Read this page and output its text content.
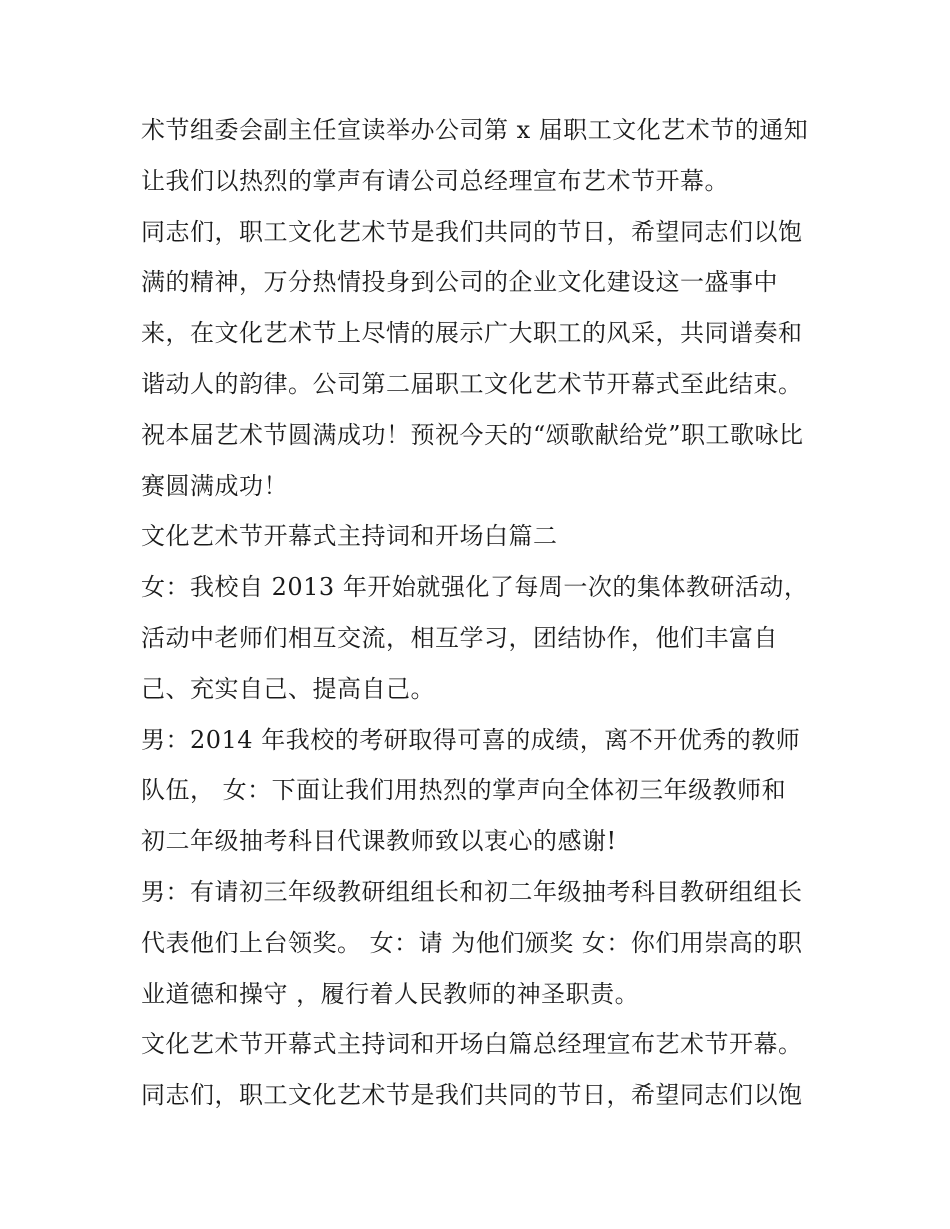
术节组委会副主任宣读举办公司第 x 届职工文化艺术节的通知
让我们以热烈的掌声有请公司总经理宣布艺术节开幕。
同志们，职工文化艺术节是我们共同的节日，希望同志们以饱
满的精神，万分热情投身到公司的企业文化建设这一盛事中
来，在文化艺术节上尽情的展示广大职工的风采，共同谱奏和
谐动人的韵律。公司第二届职工文化艺术节开幕式至此结束。
祝本届艺术节圆满成功！预祝今天的“颂歌献给党”职工歌咏比
赛圆满成功！
文化艺术节开幕式主持词和开场白篇二
女：我校自 2013 年开始就强化了每周一次的集体教研活动，
活动中老师们相互交流，相互学习，团结协作，他们丰富自
己、充实自己、提高自己。
男：2014 年我校的考研取得可喜的成绩，离不开优秀的教师
队伍， 女：下面让我们用热烈的掌声向全体初三年级教师和
初二年级抽考科目代课教师致以衷心的感谢!
男：有请初三年级教研组组长和初二年级抽考科目教研组组长
代表他们上台领奖。 女：请 为他们颁奖 女：你们用崇高的职
业道德和操守 ，履行着人民教师的神圣职责。
文化艺术节开幕式主持词和开场白篇总经理宣布艺术节开幕。
同志们，职工文化艺术节是我们共同的节日，希望同志们以饱
